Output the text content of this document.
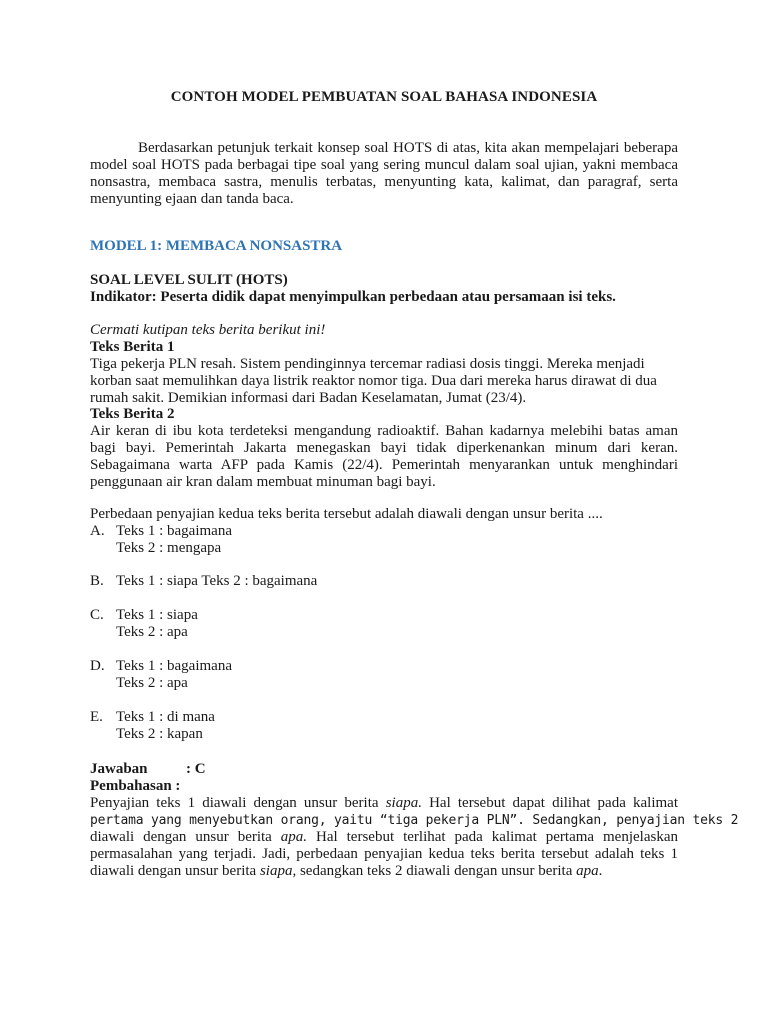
CONTOH MODEL PEMBUATAN SOAL BAHASA INDONESIA
Berdasarkan petunjuk terkait konsep soal HOTS di atas, kita akan mempelajari beberapa model soal HOTS pada berbagai tipe soal yang sering muncul dalam soal ujian, yakni membaca nonsastra, membaca sastra, menulis terbatas, menyunting kata, kalimat, dan paragraf, serta menyunting ejaan dan tanda baca.
MODEL 1: MEMBACA NONSASTRA
SOAL LEVEL SULIT (HOTS)
Indikator: Peserta didik dapat menyimpulkan perbedaan atau persamaan isi teks.
Cermati kutipan teks berita berikut ini!
Teks Berita 1
Tiga pekerja PLN resah. Sistem pendinginnya tercemar radiasi dosis tinggi. Mereka menjadi korban saat memulihkan daya listrik reaktor nomor tiga. Dua dari mereka harus dirawat di dua rumah sakit. Demikian informasi dari Badan Keselamatan, Jumat (23/4).
Teks Berita 2
Air keran di ibu kota terdeteksi mengandung radioaktif. Bahan kadarnya melebihi batas aman bagi bayi. Pemerintah Jakarta menegaskan bayi tidak diperkenankan minum dari keran. Sebagaimana warta AFP pada Kamis (22/4). Pemerintah menyarankan untuk menghindari penggunaan air kran dalam membuat minuman bagi bayi.
Perbedaan penyajian kedua teks berita tersebut adalah diawali dengan unsur berita ....
A. Teks 1 : bagaimana
Teks 2 : mengapa
B. Teks 1 : siapa Teks 2 : bagaimana
C. Teks 1 : siapa
Teks 2 : apa
D. Teks 1 : bagaimana
Teks 2 : apa
E. Teks 1 : di mana
Teks 2 : kapan
Jawaban	: C
Pembahasan :
Penyajian teks 1 diawali dengan unsur berita siapa. Hal tersebut dapat dilihat pada kalimat
pertama yang menyebutkan orang, yaitu “tiga pekerja PLN”. Sedangkan, penyajian teks 2
diawali dengan unsur berita apa. Hal tersebut terlihat pada kalimat pertama menjelaskan
permasalahan yang terjadi. Jadi, perbedaan penyajian kedua teks berita tersebut adalah teks 1
diawali dengan unsur berita siapa, sedangkan teks 2 diawali dengan unsur berita apa.
